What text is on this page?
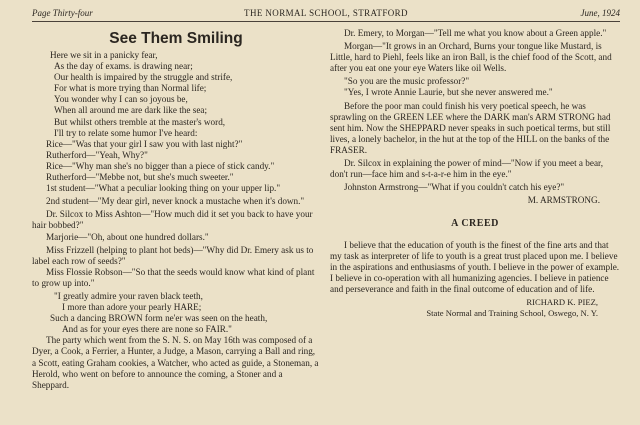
THE NORMAL SCHOOL, STRATFORD
Page Thirty-four	June, 1924

See Them Smiling

Here we sit in a panicky fear,

As the day of exams. is drawing near;

Our health is impaired by the struggle and strife,

For what is more trying than Normal life;

You wonder why I can so joyous be,

When all around me are dark like the sea;

But whilst others tremble at the master's word,

I'll try to relate some humor I've heard:

Rice—"Was that your girl I saw you with last night?"

Rutherford—"Yeah, Why?"

Rice—"Why man she's no bigger than a piece of stick candy."

Rutherford—"Mebbe not, but she's much sweeter."

1st student—"What a peculiar looking thing on your upper lip."

2nd student—"My dear girl, never knock a mustache when it's down."

Dr. Silcox to Miss Ashton—"How much did it set you back to have your hair bobbed?"

Marjorie—"Oh, about one hundred dollars."

Miss Frizzell (helping to plant hot beds)—"Why did Dr. Emery ask us to label each row of seeds?"

Miss Flossie Robson—"So that the seeds would know what kind of plant to grow up into."

"I greatly admire your raven black teeth,

I more than adore your pearly HARE;

Such a dancing BROWN form ne'er was seen on the heath,

And as for your eyes there are none so FAIR."

The party which went from the S. N. S. on May 16th was composed of a Dyer, a Cook, a Ferrier, a Hunter, a Judge, a Mason, carrying a Ball and ring, a Scott, eating Graham cookies, a Watcher, who acted as guide, a Stoneman, a Herold, who went on before to announce the coming, a Stoner and a Sheppard.

Dr. Emery, to Morgan—"Tell me what you know about a Green apple."

Morgan—"It grows in an Orchard, Burns your tongue like Mustard, is Little, hard to Piehl, feels like an iron Ball, is the chief food of the Scott, and after you eat one your eye Waters like oil Wells.

"So you are the music professor?"

"Yes, I wrote Annie Laurie, but she never answered me."

Before the poor man could finish his very poetical speech, he was sprawling on the GREEN LEE where the DARK man's ARM STRONG had sent him. Now the SHEPPARD never speaks in such poetical terms, but still lives, a lonely bachelor, in the hut at the top of the HILL on the banks of the FRASER.

Dr. Silcox in explaining the power of mind—"Now if you meet a bear, don't run—face him and s-t-a-r-e him in the eye."

Johnston Armstrong—"What if you couldn't catch his eye?"

M. ARMSTRONG.

A CREED

I believe that the education of youth is the finest of the fine arts and that my task as interpreter of life to youth is a great trust placed upon me. I believe in the aspirations and enthusiasms of youth. I believe in the power of example. I believe in co-operation with all humanizing agencies. I believe in patience and perseverance and faith in the final outcome of education and of life.

RICHARD K. PIEZ,

State Normal and Training School, Oswego, N. Y.
